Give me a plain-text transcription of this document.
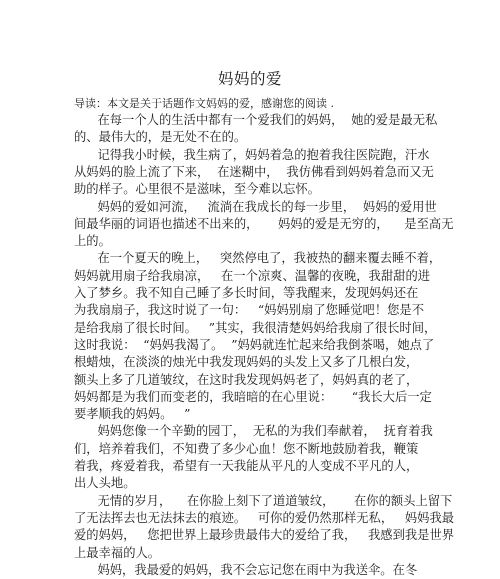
妈妈的爱
导读：本文是关于话题作文妈妈的爱，感谢您的阅读 .
在每一个人的生活中都有一个爱我们的妈妈，  她的爱是最无私
的、最伟大的，是无处不在的。
记得我小时候，我生病了，妈妈着急的抱着我往医院跑，汗水
从妈妈的脸上流了下来，  在迷糊中，  我仿佛看到妈妈着急而又无
助的样子。心里很不是滋味，至今难以忘怀。
妈妈的爱如河流，   流淌在我成长的每一步里，  妈妈的爱用世
间最华丽的词语也描述不出来的，     妈妈的爱是无穷的，    是至高无
上的。
在一个夏天的晚上，   突然停电了，我被热的翻来覆去睡不着，
妈妈就用扇子给我扇凉，   在一个凉爽、温馨的夜晚，我甜甜的进
入了梦乡。我不知自己睡了多长时间，等我醒来，发现妈妈还在
为我扇扇子，我这时说了一句：   “妈妈别扇了您睡觉吧！您是不
是给我扇了很长时间。   ”其实，我很清楚妈妈给我扇了很长时间，
这时我说：  “妈妈我渴了。  ”妈妈就连忙起来给我倒茶喝，她点了
根蜡烛，在淡淡的烛光中我发现妈妈的头发上又多了几根白发，
额头上多了几道皱纹，在这时我发现妈妈老了，妈妈真的老了，
妈妈都是为我们而变老的，我暗暗的在心里说：     “我长大后一定
要孝顺我的妈妈。   ”
妈妈您像一个辛勤的园丁，  无私的为我们奉献着，  抚育着我
们，培养着我们，不知费了多少心血！您不断地鼓励着我，鞭策
着我，疼爱着我，希望有一天我能从平凡的人变成不平凡的人，
出人头地。
无情的岁月，    在你脸上刻下了道道皱纹，     在你的额头上留下
了无法挥去也无法抹去的痕迹。   可你的爱仍然那样无私，   妈妈我最
爱的妈妈，   您把世界上最珍贵最伟大的爱给了我，   我感到我是世界
上最幸福的人。
妈妈，我最爱的妈妈，我不会忘记您在雨中为我送伞。在冬
